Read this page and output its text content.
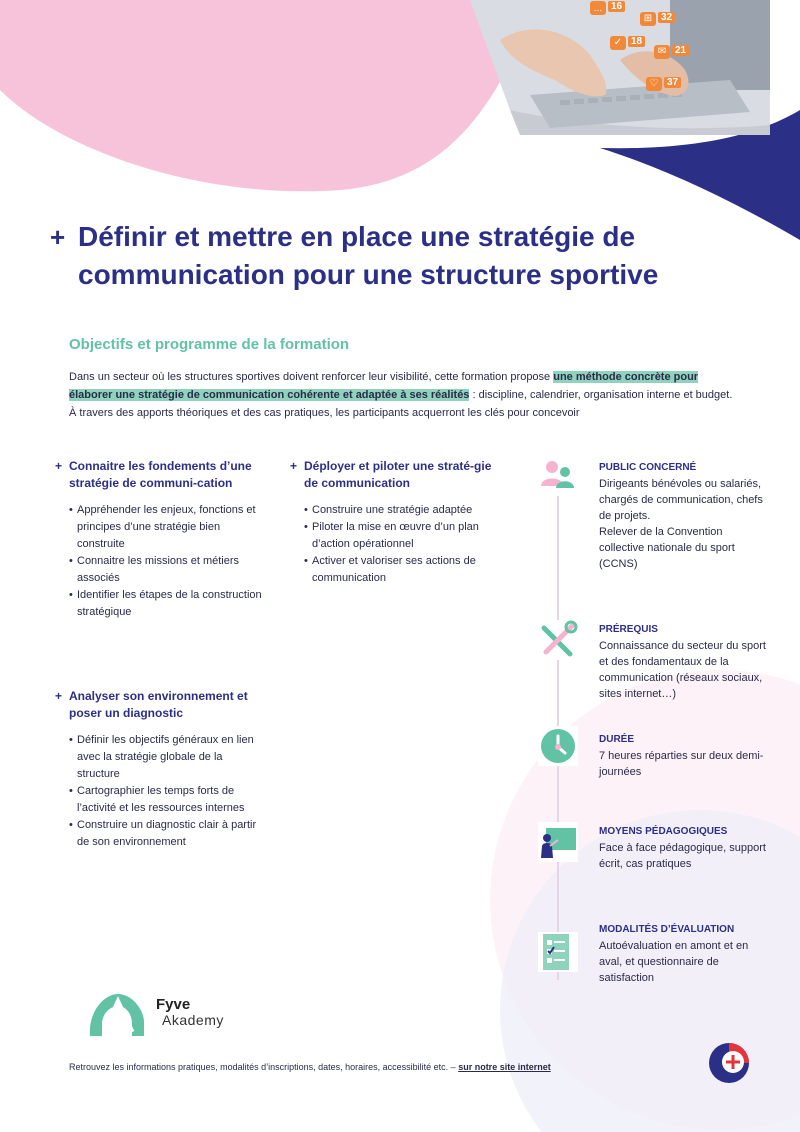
… 16
⊞ 32
✓ 18
✉ 21
♡ 37
+ Définir et mettre en place une stratégie de
communication pour une structure sportive
Objectifs et programme de la formation
Dans un secteur où les structures sportives doivent renforcer leur visibilité, cette formation propose une méthode concrète pour élaborer une stratégie de communication cohérente et adaptée à ses réalités : discipline, calendrier, organisation interne et budget. À travers des apports théoriques et des cas pratiques, les participants acquerront les clés pour concevoir
+ Connaitre les fondements d’une stratégie de communi-cation
• Appréhender les enjeux, fonctions et principes d’une stratégie bien construite
• Connaitre les missions et métiers associés
• Identifier les étapes de la construction stratégique
+ Déployer et piloter une straté-gie de communication
• Construire une stratégie adaptée
• Piloter la mise en œuvre d’un plan d’action opérationnel
• Activer et valoriser ses actions de communication
+ Analyser son environnement et poser un diagnostic
• Définir les objectifs généraux en lien avec la stratégie globale de la structure
• Cartographier les temps forts de l’activité et les ressources internes
• Construire un diagnostic clair à partir de son environnement
PUBLIC CONCERNÉ
Dirigeants bénévoles ou salariés, chargés de communication, chefs de projets.
Relever de la Convention collective nationale du sport (CCNS)
PRÉREQUIS
Connaissance du secteur du sport et des fondamentaux de la communication (réseaux sociaux, sites internet…)
DURÉE
7 heures réparties sur deux demi-journées
MOYENS PÉDAGOGIQUES
Face à face pédagogique, support écrit, cas pratiques
MODALITÉS D’ÉVALUATION
Autoévaluation en amont et en aval, et questionnaire de satisfaction
Fyve
Akademy
Retrouvez les informations pratiques, modalités d’inscriptions, dates, horaires, accessibilité etc. – sur notre site internet
